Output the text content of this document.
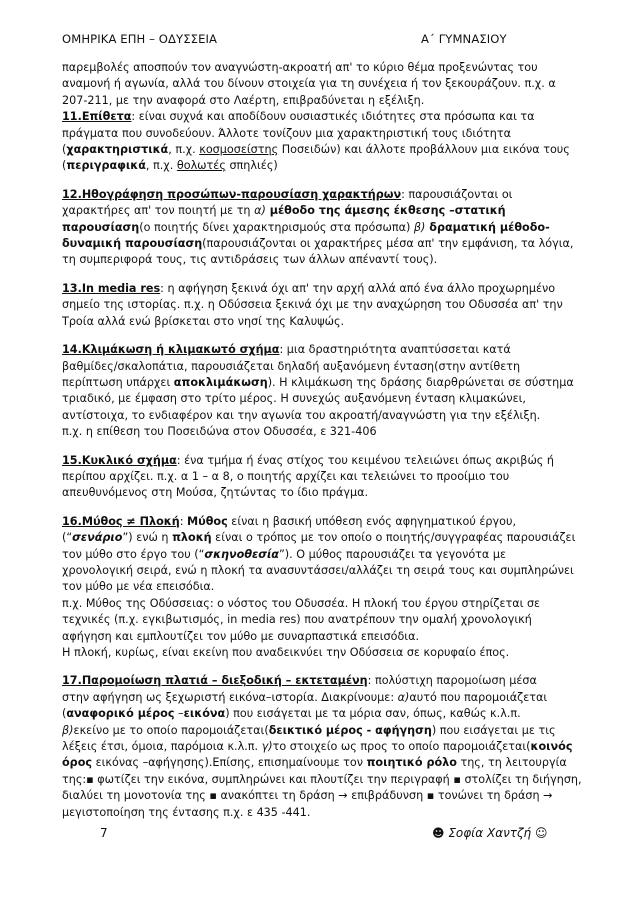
ΟΜΗΡΙΚΑ ΕΠΗ – ΟΔΥΣΣΕΙΑ	Α΄ ΓΥΜΝΑΣΙΟΥ
παρεμβολές αποσπούν τον αναγνώστη-ακροατή απ' το κύριο θέμα προξενώντας του
αναμονή ή αγωνία, αλλά του δίνουν στοιχεία για τη συνέχεια ή τον ξεκουράζουν. π.χ. α
207-211, με την αναφορά στο Λαέρτη, επιβραδύνεται η εξέλιξη.
11.Επίθετα: είναι συχνά και αποδίδουν ουσιαστικές ιδιότητες στα πρόσωπα και τα
πράγματα που συνοδεύουν. Άλλοτε τονίζουν μια χαρακτηριστική τους ιδιότητα
(χαρακτηριστικά, π.χ. κοσμοσείστης Ποσειδών) και άλλοτε προβάλλουν μια εικόνα τους
(περιγραφικά, π.χ. θολωτές σπηλιές)
12.Ηθογράφηση προσώπων-παρουσίαση χαρακτήρων: παρουσιάζονται οι
χαρακτήρες απ' τον ποιητή με τη α) μέθοδο της άμεσης έκθεσης –στατική
παρουσίαση(ο ποιητής δίνει χαρακτηρισμούς στα πρόσωπα) β) δραματική μέθοδο-
δυναμική παρουσίαση(παρουσιάζονται οι χαρακτήρες μέσα απ' την εμφάνιση, τα λόγια,
τη συμπεριφορά τους, τις αντιδράσεις των άλλων απέναντί τους).
13.In media res: η αφήγηση ξεκινά όχι απ' την αρχή αλλά από ένα άλλο προχωρημένο
σημείο της ιστορίας. π.χ. η Οδύσσεια ξεκινά όχι με την αναχώρηση του Οδυσσέα απ' την
Τροία αλλά ενώ βρίσκεται στο νησί της Καλυψώς.
14.Κλιμάκωση ή κλιμακωτό σχήμα: μια δραστηριότητα αναπτύσσεται κατά
βαθμίδες/σκαλοπάτια, παρουσιάζεται δηλαδή αυξανόμενη ένταση(στην αντίθετη
περίπτωση υπάρχει αποκλιμάκωση). Η κλιμάκωση της δράσης διαρθρώνεται σε σύστημα
τριαδικό, με έμφαση στο τρίτο μέρος. Η συνεχώς αυξανόμενη ένταση κλιμακώνει,
αντίστοιχα, το ενδιαφέρον και την αγωνία του ακροατή/αναγνώστη για την εξέλιξη.
π.χ. η επίθεση του Ποσειδώνα στον Οδυσσέα, ε 321-406
15.Κυκλικό σχήμα: ένα τμήμα ή ένας στίχος του κειμένου τελειώνει όπως ακριβώς ή
περίπου αρχίζει. π.χ. α 1 – α 8, ο ποιητής αρχίζει και τελειώνει το προοίμιο του
απευθυνόμενος στη Μούσα, ζητώντας το ίδιο πράγμα.
16.Μύθος ≠ Πλοκή: Μύθος είναι η βασική υπόθεση ενός αφηγηματικού έργου,
(“σενάριο”) ενώ η πλοκή είναι ο τρόπος με τον οποίο ο ποιητής/συγγραφέας παρουσιάζει
τον μύθο στο έργο του (“σκηνοθεσία”). Ο μύθος παρουσιάζει τα γεγονότα με
χρονολογική σειρά, ενώ η πλοκή τα ανασυντάσσει/αλλάζει τη σειρά τους και συμπληρώνει
τον μύθο με νέα επεισόδια.
π.χ. Μύθος της Οδύσσειας: ο νόστος του Οδυσσέα. Η πλοκή του έργου στηρίζεται σε
τεχνικές (π.χ. εγκιβωτισμός, in media res) που ανατρέπουν την ομαλή χρονολογική
αφήγηση και εμπλουτίζει τον μύθο με συναρπαστικά επεισόδια.
Η πλοκή, κυρίως, είναι εκείνη που αναδεικνύει την Οδύσσεια σε κορυφαίο έπος.
17.Παρομοίωση πλατιά – διεξοδική – εκτεταμένη: πολύστιχη παρομοίωση μέσα
στην αφήγηση ως ξεχωριστή εικόνα–ιστορία. Διακρίνουμε: α)αυτό που παρομοιάζεται
(αναφορικό μέρος –εικόνα) που εισάγεται με τα μόρια σαν, όπως, καθώς κ.λ.π.
β)εκείνο με το οποίο παρομοιάζεται(δεικτικό μέρος - αφήγηση) που εισάγεται με τις
λέξεις έτσι, όμοια, παρόμοια κ.λ.π. γ)το στοιχείο ως προς το οποίο παρομοιάζεται(κοινός
όρος εικόνας –αφήγησης).Επίσης, επισημαίνουμε τον ποιητικό ρόλο της, τη λειτουργία
της:▪ φωτίζει την εικόνα, συμπληρώνει και πλουτίζει την περιγραφή ▪ στολίζει τη διήγηση,
διαλύει τη μονοτονία της ▪ ανακόπτει τη δράση → επιβράδυνση ▪ τονώνει τη δράση →
μεγιστοποίηση της έντασης π.χ. ε 435 -441.
7	☻ Σοφία Χαντζή ☺
